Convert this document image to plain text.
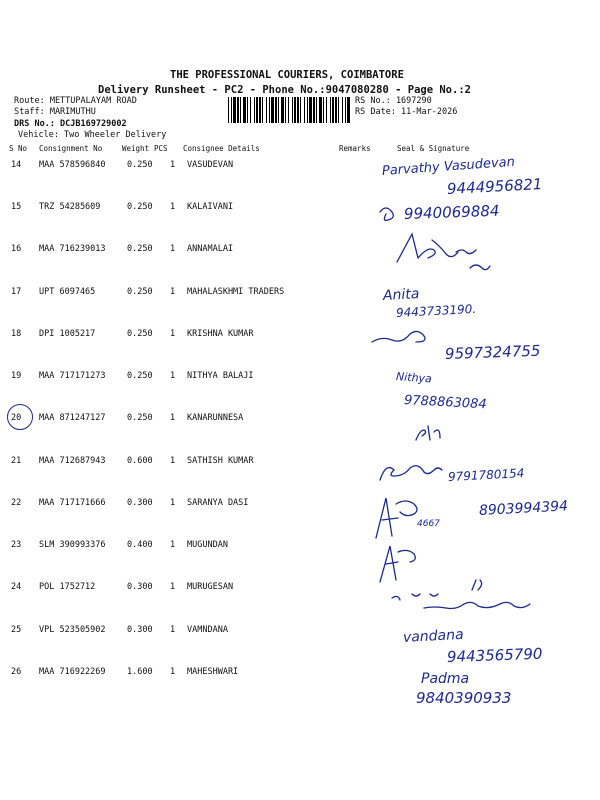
THE PROFESSIONAL COURIERS, COIMBATORE
Delivery Runsheet - PC2 - Phone No.:9047080280 - Page No.:2
Route: METTUPALAYAM ROAD
Staff: MARIMUTHU
DRS No.: DCJB169729002
Vehicle: Two Wheeler Delivery
RS No.: 1697290
RS Date: 11-Mar-2026
S No Consignment No	Weight PCS Consignee Details	Remarks	Seal & Signature
14 MAA 578596840	0.250 1 VASUDEVAN
15 TRZ 54285609	0.250 1 KALAIVANI
16 MAA 716239013	0.250 1 ANNAMALAI
17 UPT 6097465	0.250 1 MAHALASKHMI TRADERS
18 DPI 1005217	0.250 1 KRISHNA KUMAR
19 MAA 717171273	0.250 1 NITHYA BALAJI
20 MAA 871247127	0.250 1 KANARUNNESA
21 MAA 712687943	0.600 1 SATHISH KUMAR
22 MAA 717171666	0.300 1 SARANYA DASI
23 SLM 390993376	0.400 1 MUGUNDAN
24 POL 1752712	0.300 1 MURUGESAN
25 VPL 523505902	0.300 1 VAMNDANA
26 MAA 716922269	1.600 1 MAHESHWARI
Parvathy Vasudevan
9444956821
9940069884
Anita
9443733190.
9597324755
Nithya
9788863084
9791780154
8903994394
4667
vandana
9443565790
Padma
9840390933
